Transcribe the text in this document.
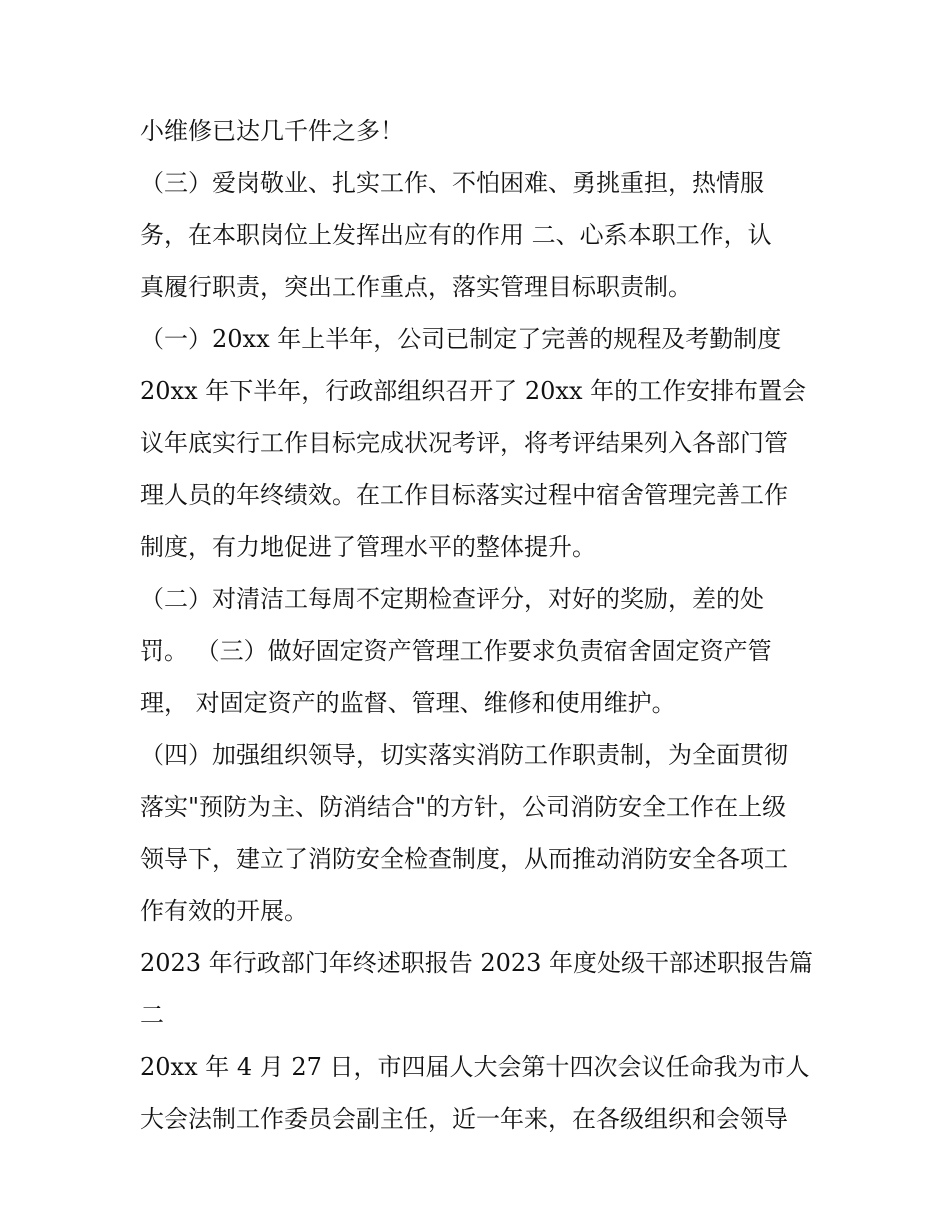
小维修已达几千件之多！
（三）爱岗敬业、扎实工作、不怕困难、勇挑重担，热情服
务，在本职岗位上发挥出应有的作用 二、心系本职工作，认
真履行职责，突出工作重点，落实管理目标职责制。
（一）20xx 年上半年，公司已制定了完善的规程及考勤制度
20xx 年下半年，行政部组织召开了 20xx 年的工作安排布置会
议年底实行工作目标完成状况考评，将考评结果列入各部门管
理人员的年终绩效。在工作目标落实过程中宿舍管理完善工作
制度，有力地促进了管理水平的整体提升。
（二）对清洁工每周不定期检查评分，对好的奖励，差的处
罚。 （三）做好固定资产管理工作要求负责宿舍固定资产管
理， 对固定资产的监督、管理、维修和使用维护。
（四）加强组织领导，切实落实消防工作职责制，为全面贯彻
落实"预防为主、防消结合"的方针，公司消防安全工作在上级
领导下，建立了消防安全检查制度，从而推动消防安全各项工
作有效的开展。
2023 年行政部门年终述职报告 2023 年度处级干部述职报告篇
二
20xx 年 4 月 27 日，市四届人大会第十四次会议任命我为市人
大会法制工作委员会副主任，近一年来，在各级组织和会领导
